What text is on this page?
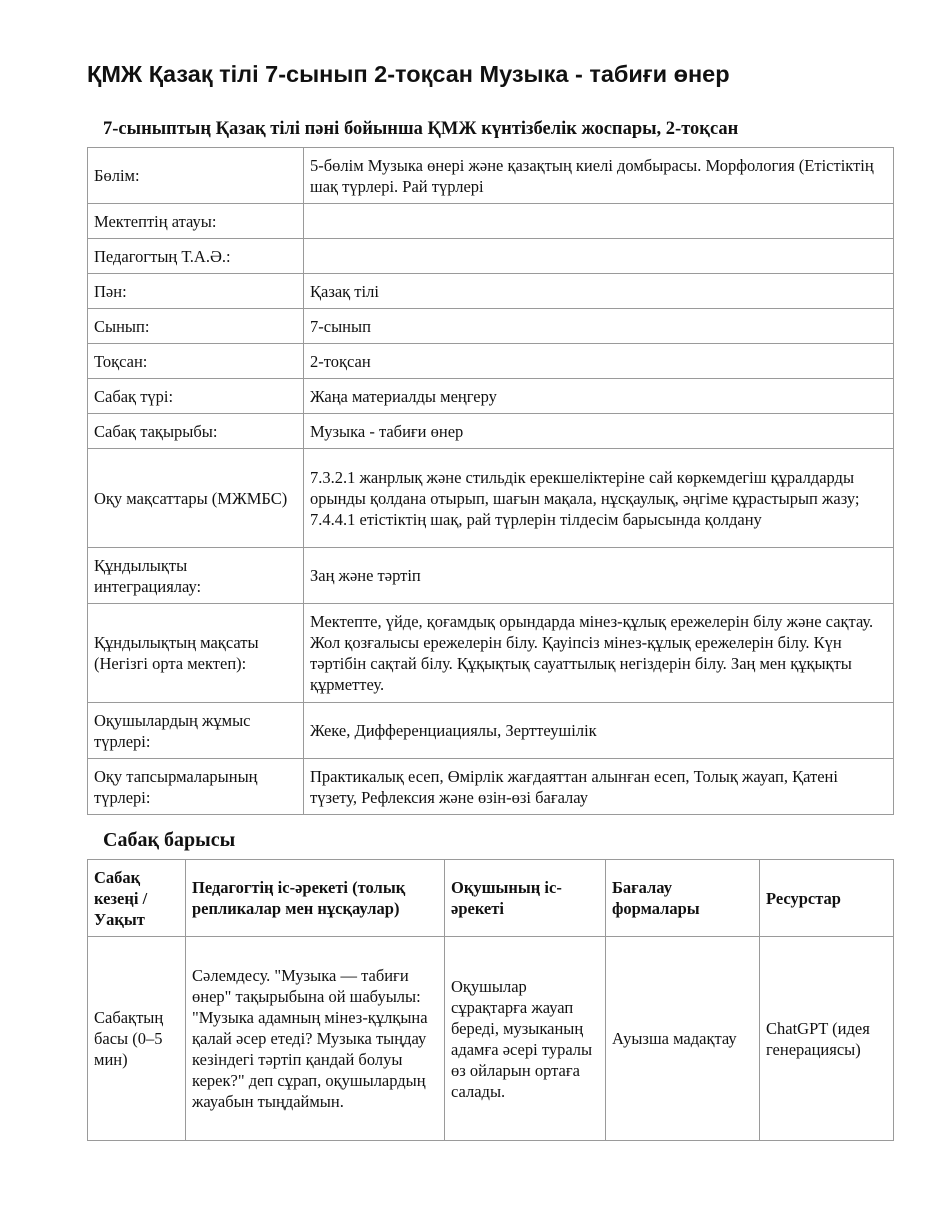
ҚМЖ Қазақ тілі 7-сынып 2-тоқсан Музыка - табиғи өнер
7-сыныптың Қазақ тілі пәні бойынша ҚМЖ күнтізбелік жоспары, 2-тоқсан
Бөлім:	5-бөлім Музыка өнері және қазақтың киелі домбырасы. Морфология (Етістіктің шақ түрлері. Рай түрлері
Мектептің атауы:	
Педагогтың Т.А.Ә.:	
Пән:	Қазақ тілі
Сынып:	7-сынып
Тоқсан:	2-тоқсан
Сабақ түрі:	Жаңа материалды меңгеру
Сабақ тақырыбы:	Музыка - табиғи өнер
Оқу мақсаттары (МЖМБС)	7.3.2.1 жанрлық және стильдік ерекшеліктеріне сай көркемдегіш құралдарды орынды қолдана отырып, шағын мақала, нұсқаулық, әңгіме құрастырып жазу; 7.4.4.1 етістіктің шақ, рай түрлерін тілдесім барысында қолдану
Құндылықты интеграциялау:	Заң және тәртіп
Құндылықтың мақсаты (Негізгі орта мектеп):	Мектепте, үйде, қоғамдық орындарда мінез-құлық ережелерін білу және сақтау. Жол қозғалысы ережелерін білу. Қауіпсіз мінез-құлық ережелерін білу. Күн тәртібін сақтай білу. Құқықтық сауаттылық негіздерін білу. Заң мен құқықты құрметтеу.
Оқушылардың жұмыс түрлері:	Жеке, Дифференциациялы, Зерттеушілік
Оқу тапсырмаларының түрлері:	Практикалық есеп, Өмірлік жағдаяттан алынған есеп, Толық жауап, Қатені түзету, Рефлексия және өзін-өзі бағалау
Сабақ барысы
Сабақ кезеңі / Уақыт	Педагогтің іс-әрекеті (толық репликалар мен нұсқаулар)	Оқушының іс-әрекеті	Бағалау формалары	Ресурстар
Сабақтың басы (0–5 мин)	Сәлемдесу. "Музыка — табиғи өнер" тақырыбына ой шабуылы: "Музыка адамның мінез-құлқына қалай әсер етеді? Музыка тыңдау кезіндегі тәртіп қандай болуы керек?" деп сұрап, оқушылардың жауабын тыңдаймын.	Оқушылар сұрақтарға жауап береді, музыканың адамға әсері туралы өз ойларын ортаға салады.	Ауызша мадақтау	ChatGPT (идея генерациясы)
